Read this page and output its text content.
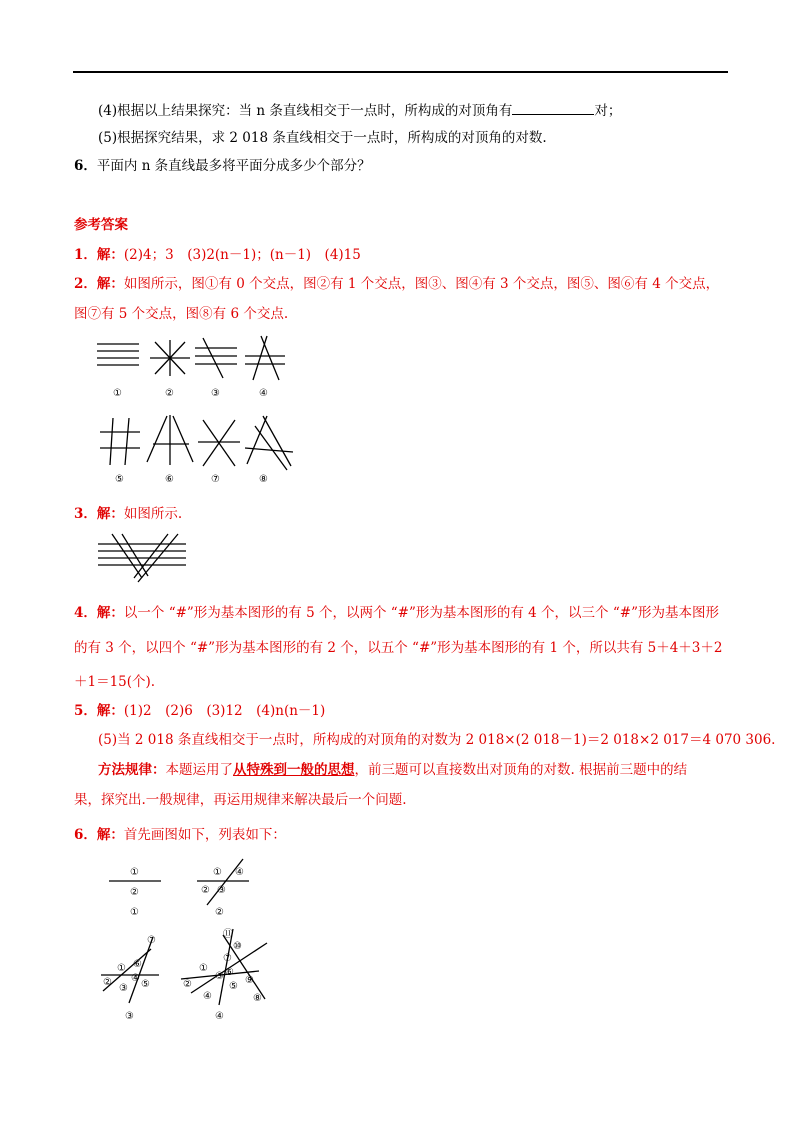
(4)根据以上结果探究：当 n 条直线相交于一点时，所构成的对顶角有	对；
(5)根据探究结果，求 2 018 条直线相交于一点时，所构成的对顶角的对数.
6．平面内 n 条直线最多将平面分成多少个部分？
参考答案
1．解：(2)4；3　(3)2(n－1)；(n－1)　(4)15
2．解：如图所示，图①有 0 个交点，图②有 1 个交点，图③、图④有 3 个交点，图⑤、图⑥有 4 个交点，
图⑦有 5 个交点，图⑧有 6 个交点.
①	②	③	④
⑤	⑥	⑦	⑧
3．解：如图所示.
4．解：以一个 “#”形为基本图形的有 5 个，以两个 “#”形为基本图形的有 4 个，以三个 “#”形为基本图形
的有 3 个，以四个 “#”形为基本图形的有 2 个，以五个 “#”形为基本图形的有 1 个，所以共有 5＋4＋3＋2
＋1＝15(个).
5．解：(1)2　(2)6　(3)12　(4)n(n－1)
(5)当 2 018 条直线相交于一点时，所构成的对顶角的对数为 2 018×(2 018－1)＝2 018×2 017＝4 070 306.
方法规律：本题运用了从特殊到一般的思想，前三题可以直接数出对顶角的对数. 根据前三题中的结
果，探究出.一般规律，再运用规律来解决最后一个问题.
6．解：首先画图如下，列表如下：
①
②
①
① ④
② ③
②
①
②
③
④
⑤
⑥
⑦
③
①
②
③
④
⑤
⑥
⑦
⑧
⑨
⑩
⑪
④
